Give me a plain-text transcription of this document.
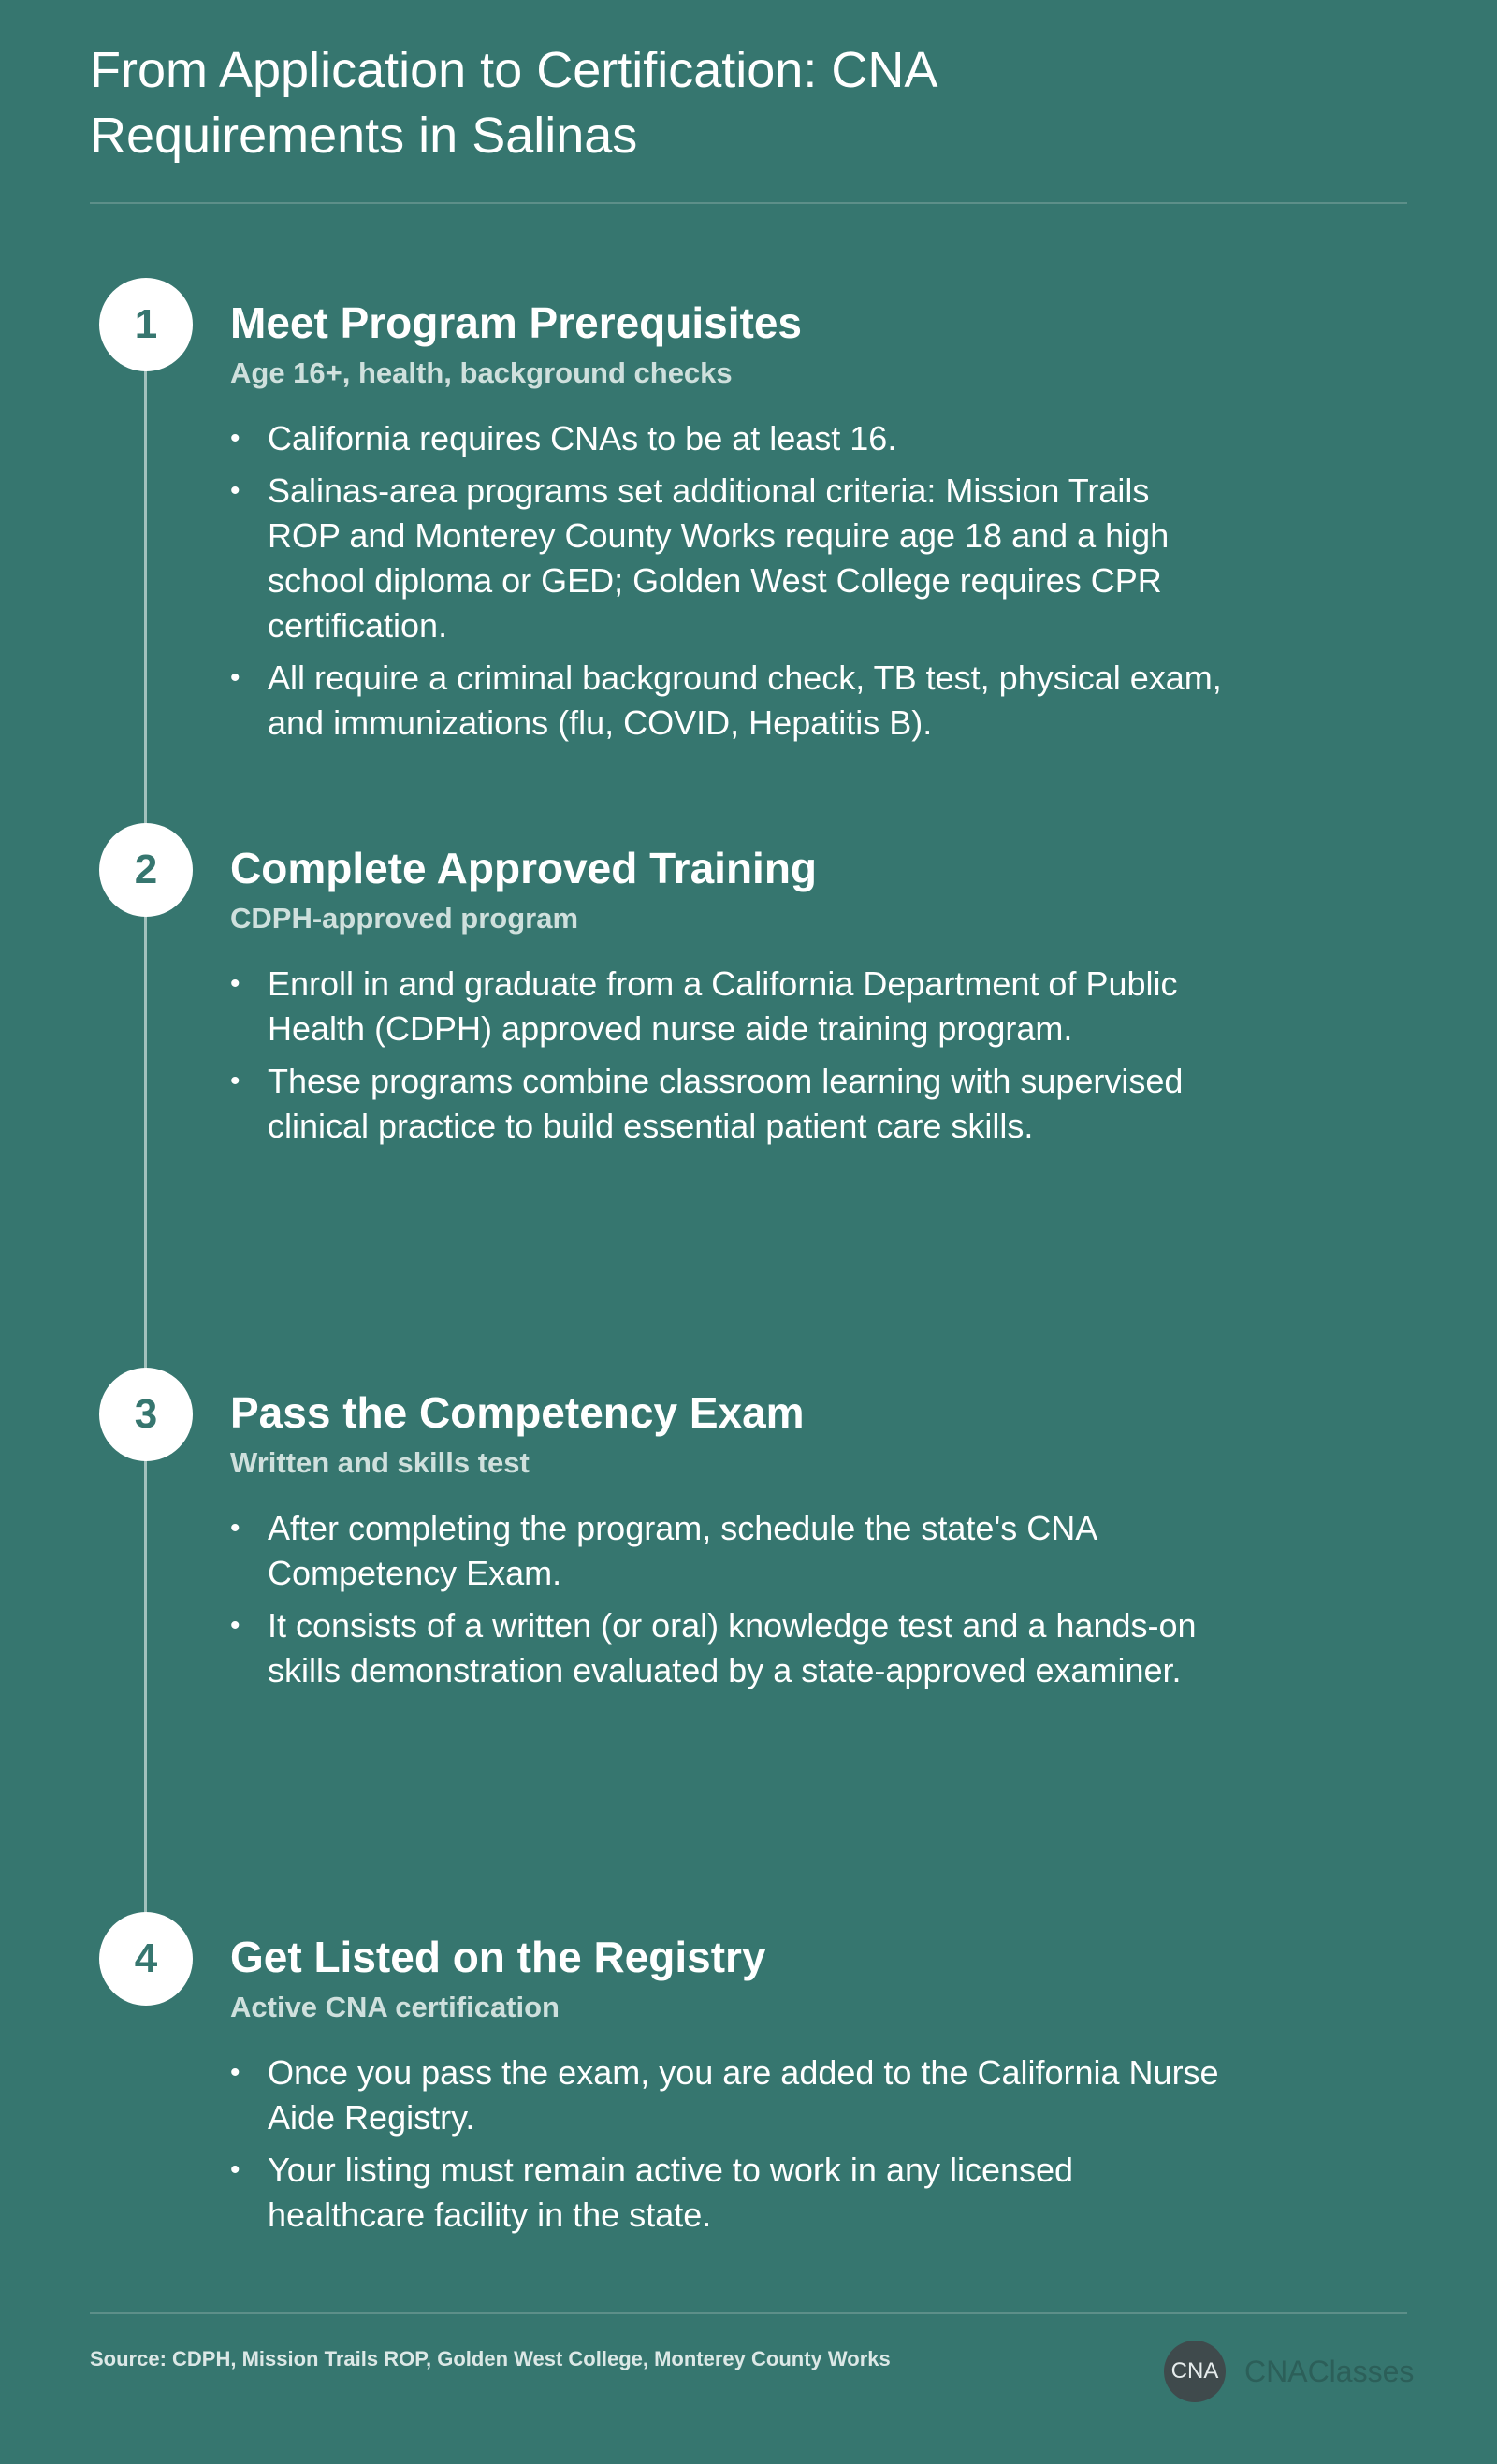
From Application to Certification: CNA Requirements in Salinas
1	Meet Program Prerequisites
Age 16+, health, background checks
• California requires CNAs to be at least 16.
• Salinas-area programs set additional criteria: Mission Trails ROP and Monterey County Works require age 18 and a high school diploma or GED; Golden West College requires CPR certification.
• All require a criminal background check, TB test, physical exam, and immunizations (flu, COVID, Hepatitis B).
2	Complete Approved Training
CDPH-approved program
• Enroll in and graduate from a California Department of Public Health (CDPH) approved nurse aide training program.
• These programs combine classroom learning with supervised clinical practice to build essential patient care skills.
3	Pass the Competency Exam
Written and skills test
• After completing the program, schedule the state's CNA Competency Exam.
• It consists of a written (or oral) knowledge test and a hands-on skills demonstration evaluated by a state-approved examiner.
4	Get Listed on the Registry
Active CNA certification
• Once you pass the exam, you are added to the California Nurse Aide Registry.
• Your listing must remain active to work in any licensed healthcare facility in the state.
Source: CDPH, Mission Trails ROP, Golden West College, Monterey County Works	CNA CNAClasses
